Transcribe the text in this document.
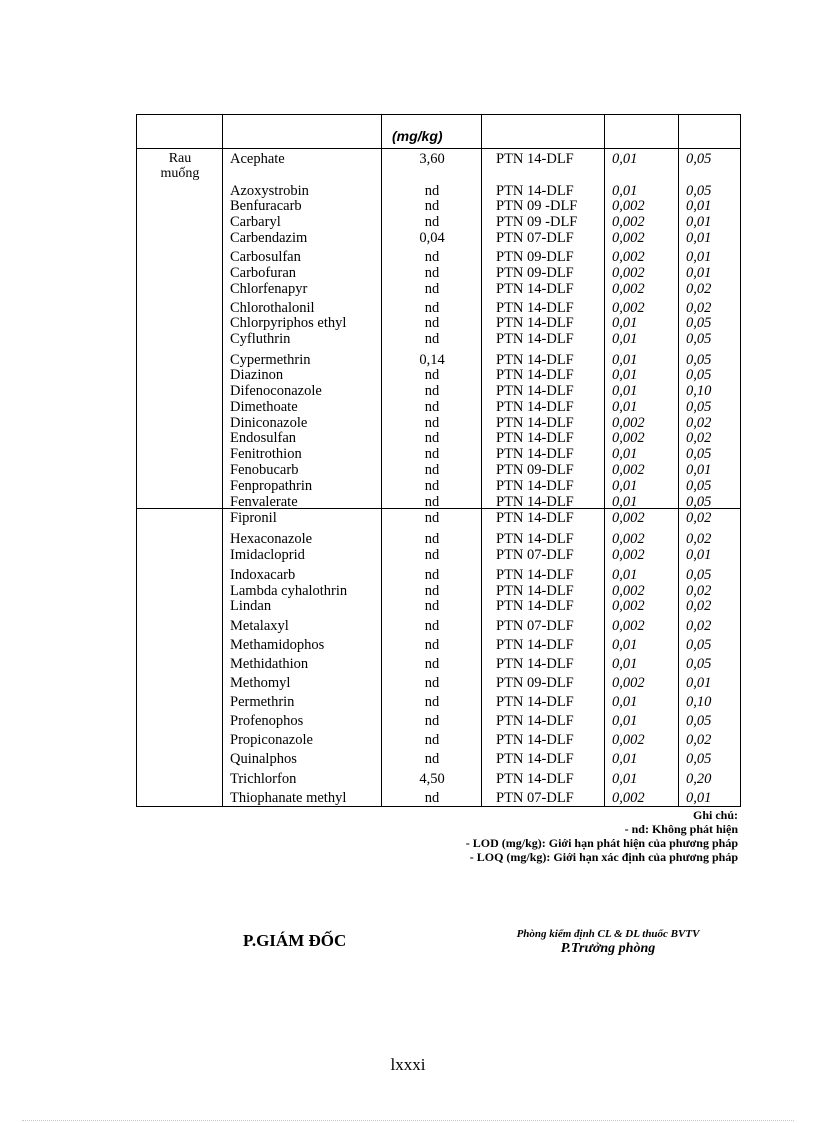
(mg/kg)
Rau muống
Acephate	3,60	PTN 14-DLF	0,01	0,05
Azoxystrobin	nd	PTN 14-DLF	0,01	0,05
Benfuracarb	nd	PTN 09 -DLF 0,002	0,01
Carbaryl	nd	PTN 09 -DLF 0,002	0,01
Carbendazim	0,04	PTN 07-DLF	0,002	0,01
Carbosulfan	nd	PTN 09-DLF	0,002	0,01
Carbofuran	nd	PTN 09-DLF	0,002	0,01
Chlorfenapyr	nd	PTN 14-DLF	0,002	0,02
Chlorothalonil	nd	PTN 14-DLF	0,002	0,02
Chlorpyriphos ethyl	nd	PTN 14-DLF	0,01	0,05
Cyfluthrin	nd	PTN 14-DLF	0,01	0,05
Cypermethrin	0,14	PTN 14-DLF	0,01	0,05
Diazinon	nd	PTN 14-DLF	0,01	0,05
Difenoconazole	nd	PTN 14-DLF	0,01	0,10
Dimethoate	nd	PTN 14-DLF	0,01	0,05
Diniconazole	nd	PTN 14-DLF	0,002	0,02
Endosulfan	nd	PTN 14-DLF	0,002	0,02
Fenitrothion	nd	PTN 14-DLF	0,01	0,05
Fenobucarb	nd	PTN 09-DLF	0,002	0,01
Fenpropathrin	nd	PTN 14-DLF	0,01	0,05
Fenvalerate	nd	PTN 14-DLF	0,01	0,05
Fipronil	nd	PTN 14-DLF	0,002	0,02
Hexaconazole	nd	PTN 14-DLF	0,002	0,02
Imidacloprid	nd	PTN 07-DLF	0,002	0,01
Indoxacarb	nd	PTN 14-DLF	0,01	0,05
Lambda cyhalothrin	nd	PTN 14-DLF	0,002	0,02
Lindan	nd	PTN 14-DLF	0,002	0,02
Metalaxyl	nd	PTN 07-DLF	0,002	0,02
Methamidophos	nd	PTN 14-DLF	0,01	0,05
Methidathion	nd	PTN 14-DLF	0,01	0,05
Methomyl	nd	PTN 09-DLF	0,002	0,01
Permethrin	nd	PTN 14-DLF	0,01	0,10
Profenophos	nd	PTN 14-DLF	0,01	0,05
Propiconazole	nd	PTN 14-DLF	0,002	0,02
Quinalphos	nd	PTN 14-DLF	0,01	0,05
Trichlorfon	4,50	PTN 14-DLF	0,01	0,20
Thiophanate methyl	nd	PTN 07-DLF	0,002	0,01
Ghi chú:
- nd: Không phát hiện
- LOD (mg/kg): Giới hạn phát hiện của phương pháp
- LOQ (mg/kg): Giới hạn xác định của phương pháp
P.GIÁM ĐỐC	Phòng kiểm định CL & DL thuốc BVTV
P.Trưởng phòng
lxxxi
